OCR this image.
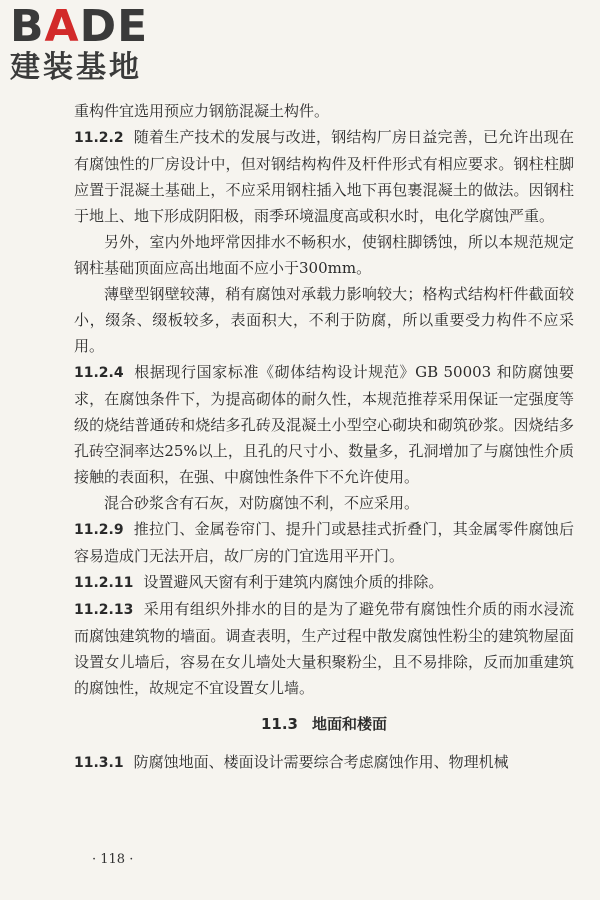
BADE
建装基地

重构件宜选用预应力钢筋混凝土构件。

11.2.2 随着生产技术的发展与改进，钢结构厂房日益完善，已允许出现在有腐蚀性的厂房设计中，但对钢结构构件及杆件形式有相应要求。钢柱柱脚应置于混凝土基础上，不应采用钢柱插入地下再包裹混凝土的做法。因钢柱于地上、地下形成阴阳极，雨季环境温度高或积水时，电化学腐蚀严重。

另外，室内外地坪常因排水不畅积水，使钢柱脚锈蚀，所以本规范规定钢柱基础顶面应高出地面不应小于300mm。

薄壁型钢壁较薄，稍有腐蚀对承载力影响较大；格构式结构杆件截面较小，缀条、缀板较多，表面积大，不利于防腐，所以重要受力构件不应采用。

11.2.4 根据现行国家标准《砌体结构设计规范》GB 50003 和防腐蚀要求，在腐蚀条件下，为提高砌体的耐久性，本规范推荐采用保证一定强度等级的烧结普通砖和烧结多孔砖及混凝土小型空心砌块和砌筑砂浆。因烧结多孔砖空洞率达25%以上，且孔的尺寸小、数量多，孔洞增加了与腐蚀性介质接触的表面积，在强、中腐蚀性条件下不允许使用。

混合砂浆含有石灰，对防腐蚀不利，不应采用。

11.2.9 推拉门、金属卷帘门、提升门或悬挂式折叠门，其金属零件腐蚀后容易造成门无法开启，故厂房的门宜选用平开门。

11.2.11 设置避风天窗有利于建筑内腐蚀介质的排除。

11.2.13 采用有组织外排水的目的是为了避免带有腐蚀性介质的雨水浸流而腐蚀建筑物的墙面。调查表明，生产过程中散发腐蚀性粉尘的建筑物屋面设置女儿墙后，容易在女儿墙处大量积聚粉尘，且不易排除，反而加重建筑的腐蚀性，故规定不宜设置女儿墙。

11.3 地面和楼面

11.3.1 防腐蚀地面、楼面设计需要综合考虑腐蚀作用、物理机械

· 118 ·
